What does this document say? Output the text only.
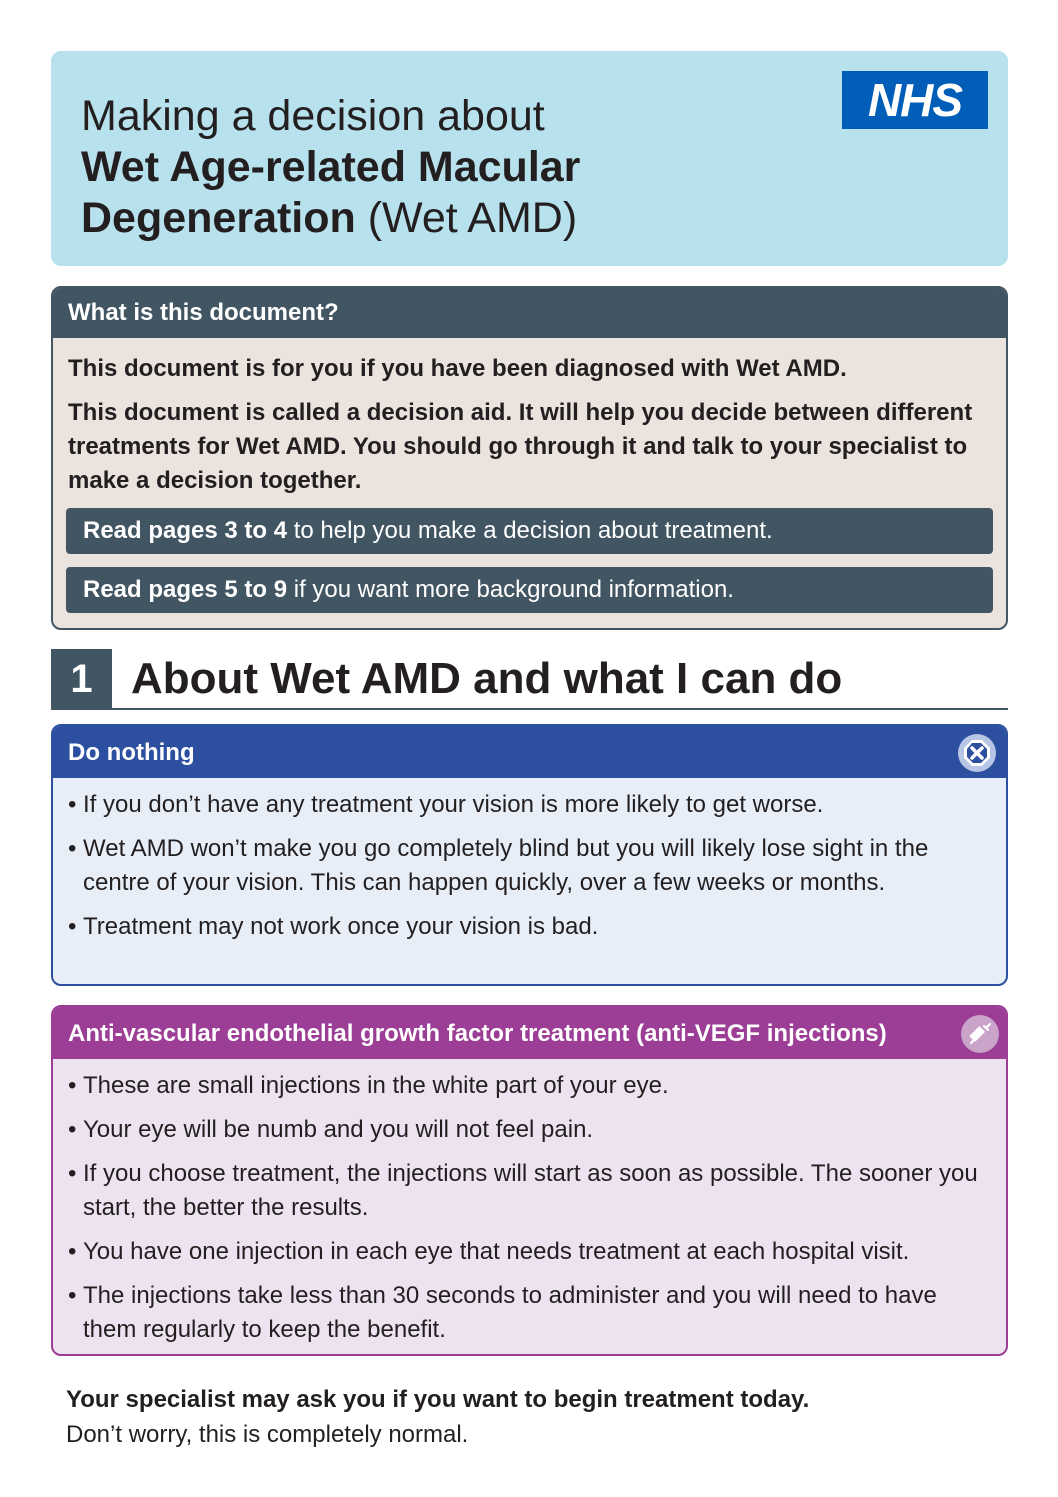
Making a decision about
Wet Age-related Macular
Degeneration (Wet AMD)
NHS
What is this document?
This document is for you if you have been diagnosed with Wet AMD.
This document is called a decision aid. It will help you decide between different treatments for Wet AMD. You should go through it and talk to your specialist to make a decision together.
Read pages 3 to 4 to help you make a decision about treatment.
Read pages 5 to 9 if you want more background information.
1 About Wet AMD and what I can do
Do nothing
• If you don’t have any treatment your vision is more likely to get worse.
• Wet AMD won’t make you go completely blind but you will likely lose sight in the centre of your vision. This can happen quickly, over a few weeks or months.
• Treatment may not work once your vision is bad.
Anti-vascular endothelial growth factor treatment (anti-VEGF injections)
• These are small injections in the white part of your eye.
• Your eye will be numb and you will not feel pain.
• If you choose treatment, the injections will start as soon as possible. The sooner you start, the better the results.
• You have one injection in each eye that needs treatment at each hospital visit.
• The injections take less than 30 seconds to administer and you will need to have them regularly to keep the benefit.
Your specialist may ask you if you want to begin treatment today.
Don’t worry, this is completely normal.
